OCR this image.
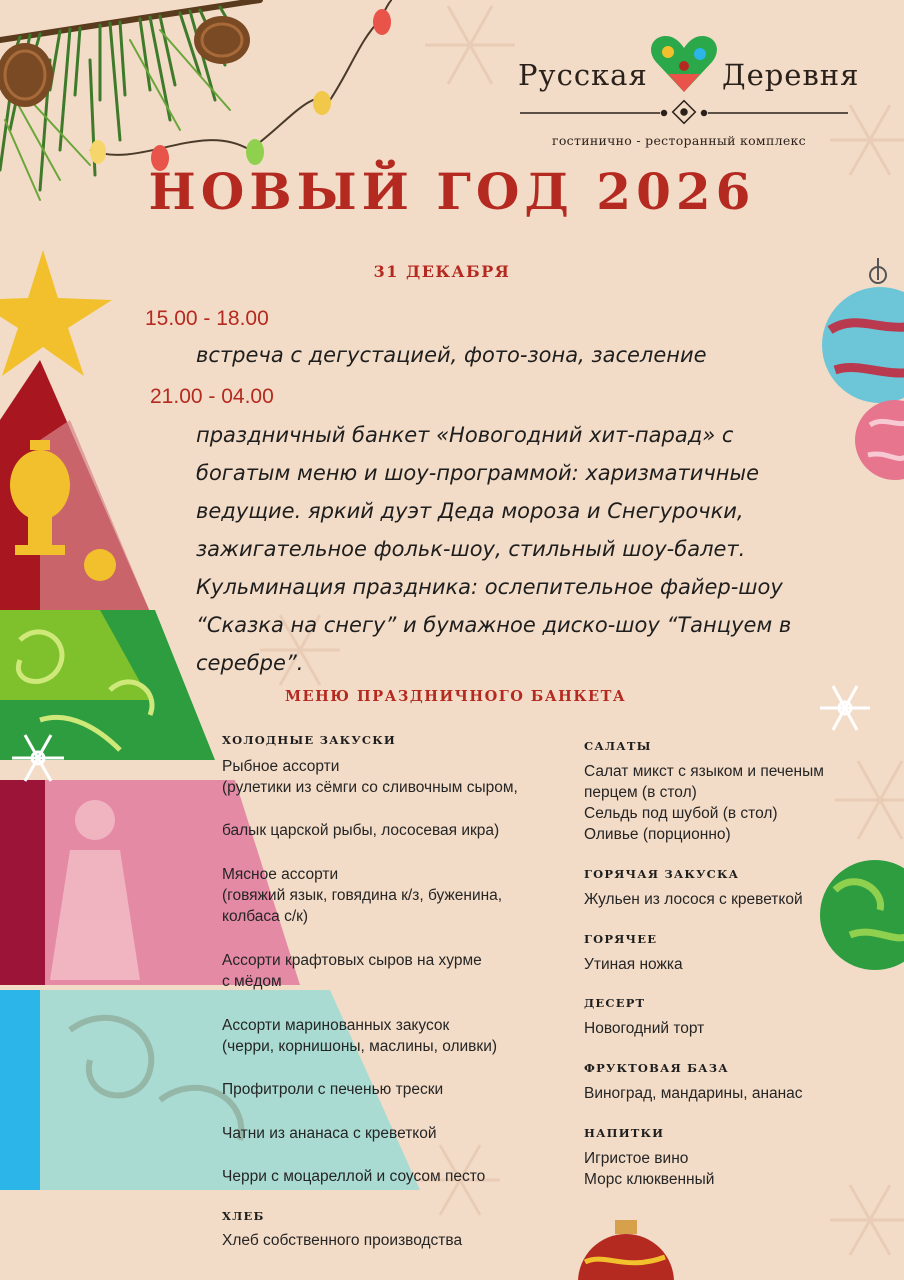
Русская	Деревня
гостинично - ресторанный комплекс
НОВЫЙ ГОД 2026
31 ДЕКАБРЯ
15.00 - 18.00
встреча с дегустацией, фото-зона, заселение
21.00 - 04.00
праздничный банкет «Новогодний хит-парад» с
богатым меню и шоу-программой: харизматичные
ведущие. яркий дуэт Деда мороза и Снегурочки,
зажигательное фольк-шоу, стильный шоу-балет.
Кульминация праздника: ослепительное файер-шоу
“Сказка на снегу” и бумажное диско-шоу “Танцуем в
серебре”.
МЕНЮ ПРАЗДНИЧНОГО БАНКЕТА
ХОЛОДНЫЕ ЗАКУСКИ
Рыбное ассорти
(рулетики из сёмги со сливочным сыром,
балык царской рыбы, лососевая икра)
Мясное ассорти
(говяжий язык, говядина к/з, буженина,
колбаса с/к)
Ассорти крафтовых сыров на хурме
с мёдом
Ассорти маринованных закусок
(черри, корнишоны, маслины, оливки)
Профитроли с печенью трески
Чатни из ананаса с креветкой
Черри с моцареллой и соусом песто
ХЛЕБ
Хлеб собственного производства
САЛАТЫ
Салат микст с языком и печеным
перцем (в стол)
Сельдь под шубой (в стол)
Оливье (порционно)
ГОРЯЧАЯ ЗАКУСКА
Жульен из лосося с креветкой
ГОРЯЧЕЕ
Утиная ножка
ДЕСЕРТ
Новогодний торт
ФРУКТОВАЯ БАЗА
Виноград, мандарины, ананас
НАПИТКИ
Игристое вино
Морс клюквенный
